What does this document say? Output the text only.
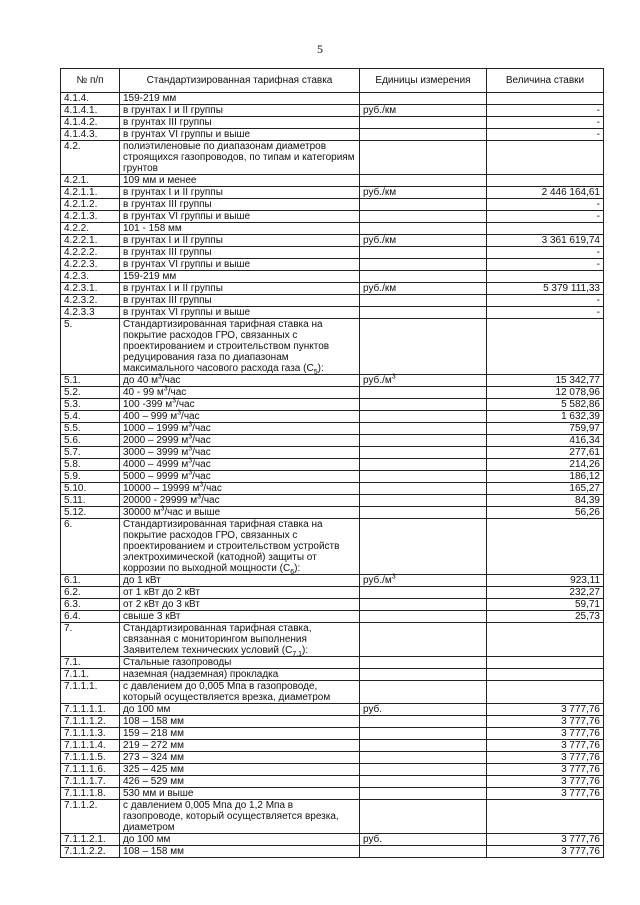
5
№ п/п	Стандартизированная тарифная ставка	Единицы измерения	Величина ставки
4.1.4.	159-219 мм		
4.1.4.1.	в грунтах I и II группы	руб./км	-
4.1.4.2.	в грунтах III группы		-
4.1.4.3.	в грунтах VI группы и выше		-
4.2.	полиэтиленовые по диапазонам диаметров строящихся газопроводов, по типам и категориям грунтов		
4.2.1.	109 мм и менее		
4.2.1.1.	в грунтах I и II группы	руб./км	2 446 164,61
4.2.1.2.	в грунтах III группы		-
4.2.1.3.	в грунтах VI группы и выше		-
4.2.2.	101 - 158 мм		
4.2.2.1.	в грунтах I и II группы	руб./км	3 361 619,74
4.2.2.2.	в грунтах III группы		-
4.2.2.3.	в грунтах VI группы и выше		-
4.2.3.	159-219 мм		
4.2.3.1.	в грунтах I и II группы	руб./км	5 379 111,33
4.2.3.2.	в грунтах III группы		-
4.2.3.3	в грунтах VI группы и выше		-
5.	Стандартизированная тарифная ставка на покрытие расходов ГРО, связанных с проектированием и строительством пунктов редуцирования газа по диапазонам максимального часового расхода газа $(С_5)$:		
5.1.	до 40 $м^3$/час	$руб./м^3$	15 342,77
5.2.	40 - 99 $м^3$/час		12 078,96
5.3.	100 -399 $м^3$/час		5 582,86
5.4.	400 – 999 $м^3$/час		1 632,39
5.5.	1000 – 1999 $м^3$/час		759,97
5.6.	2000 – 2999 $м^3$/час		416,34
5.7.	3000 – 3999 $м^3$/час		277,61
5.8.	4000 – 4999 $м^3$/час		214,26
5.9.	5000 – 9999 $м^3$/час		186,12
5.10.	10000 – 19999 $м^3$/час		165,27
5.11.	20000 - 29999 $м^3$/час		84,39
5.12.	30000 $м^3$/час и выше		56,26
6.	Стандартизированная тарифная ставка на покрытие расходов ГРО, связанных с проектированием и строительством устройств электрохимической (катодной) защиты от коррозии по выходной мощности $(С_6)$:		
6.1.	до 1 кВт	$руб./м^3$	923,11
6.2.	от 1 кВт до 2 кВт		232,27
6.3.	от 2 кВт до 3 кВт		59,71
6.4.	свыше 3 кВт		25,73
7.	Стандартизированная тарифная ставка, связанная с мониторингом выполнения Заявителем технических условий $(С_{7.1})$:		
7.1.	Стальные газопроводы		
7.1.1.	наземная (надземная) прокладка		
7.1.1.1.	с давлением до 0,005 Мпа в газопроводе, который осуществляется врезка, диаметром		
7.1.1.1.1.	до 100 мм	руб.	3 777,76
7.1.1.1.2.	108 – 158 мм		3 777,76
7.1.1.1.3.	159 – 218 мм		3 777,76
7.1.1.1.4.	219 – 272 мм		3 777,76
7.1.1.1.5.	273 – 324 мм		3 777,76
7.1.1.1.6.	325 – 425 мм		3 777,76
7.1.1.1.7.	426 – 529 мм		3 777,76
7.1.1.1.8.	530 мм и выше		3 777,76
7.1.1.2.	с давлением 0,005 Мпа до 1,2 Мпа в газопроводе, который осуществляется врезка, диаметром		
7.1.1.2.1.	до 100 мм	руб.	3 777,76
7.1.1.2.2.	108 – 158 мм		3 777,76
